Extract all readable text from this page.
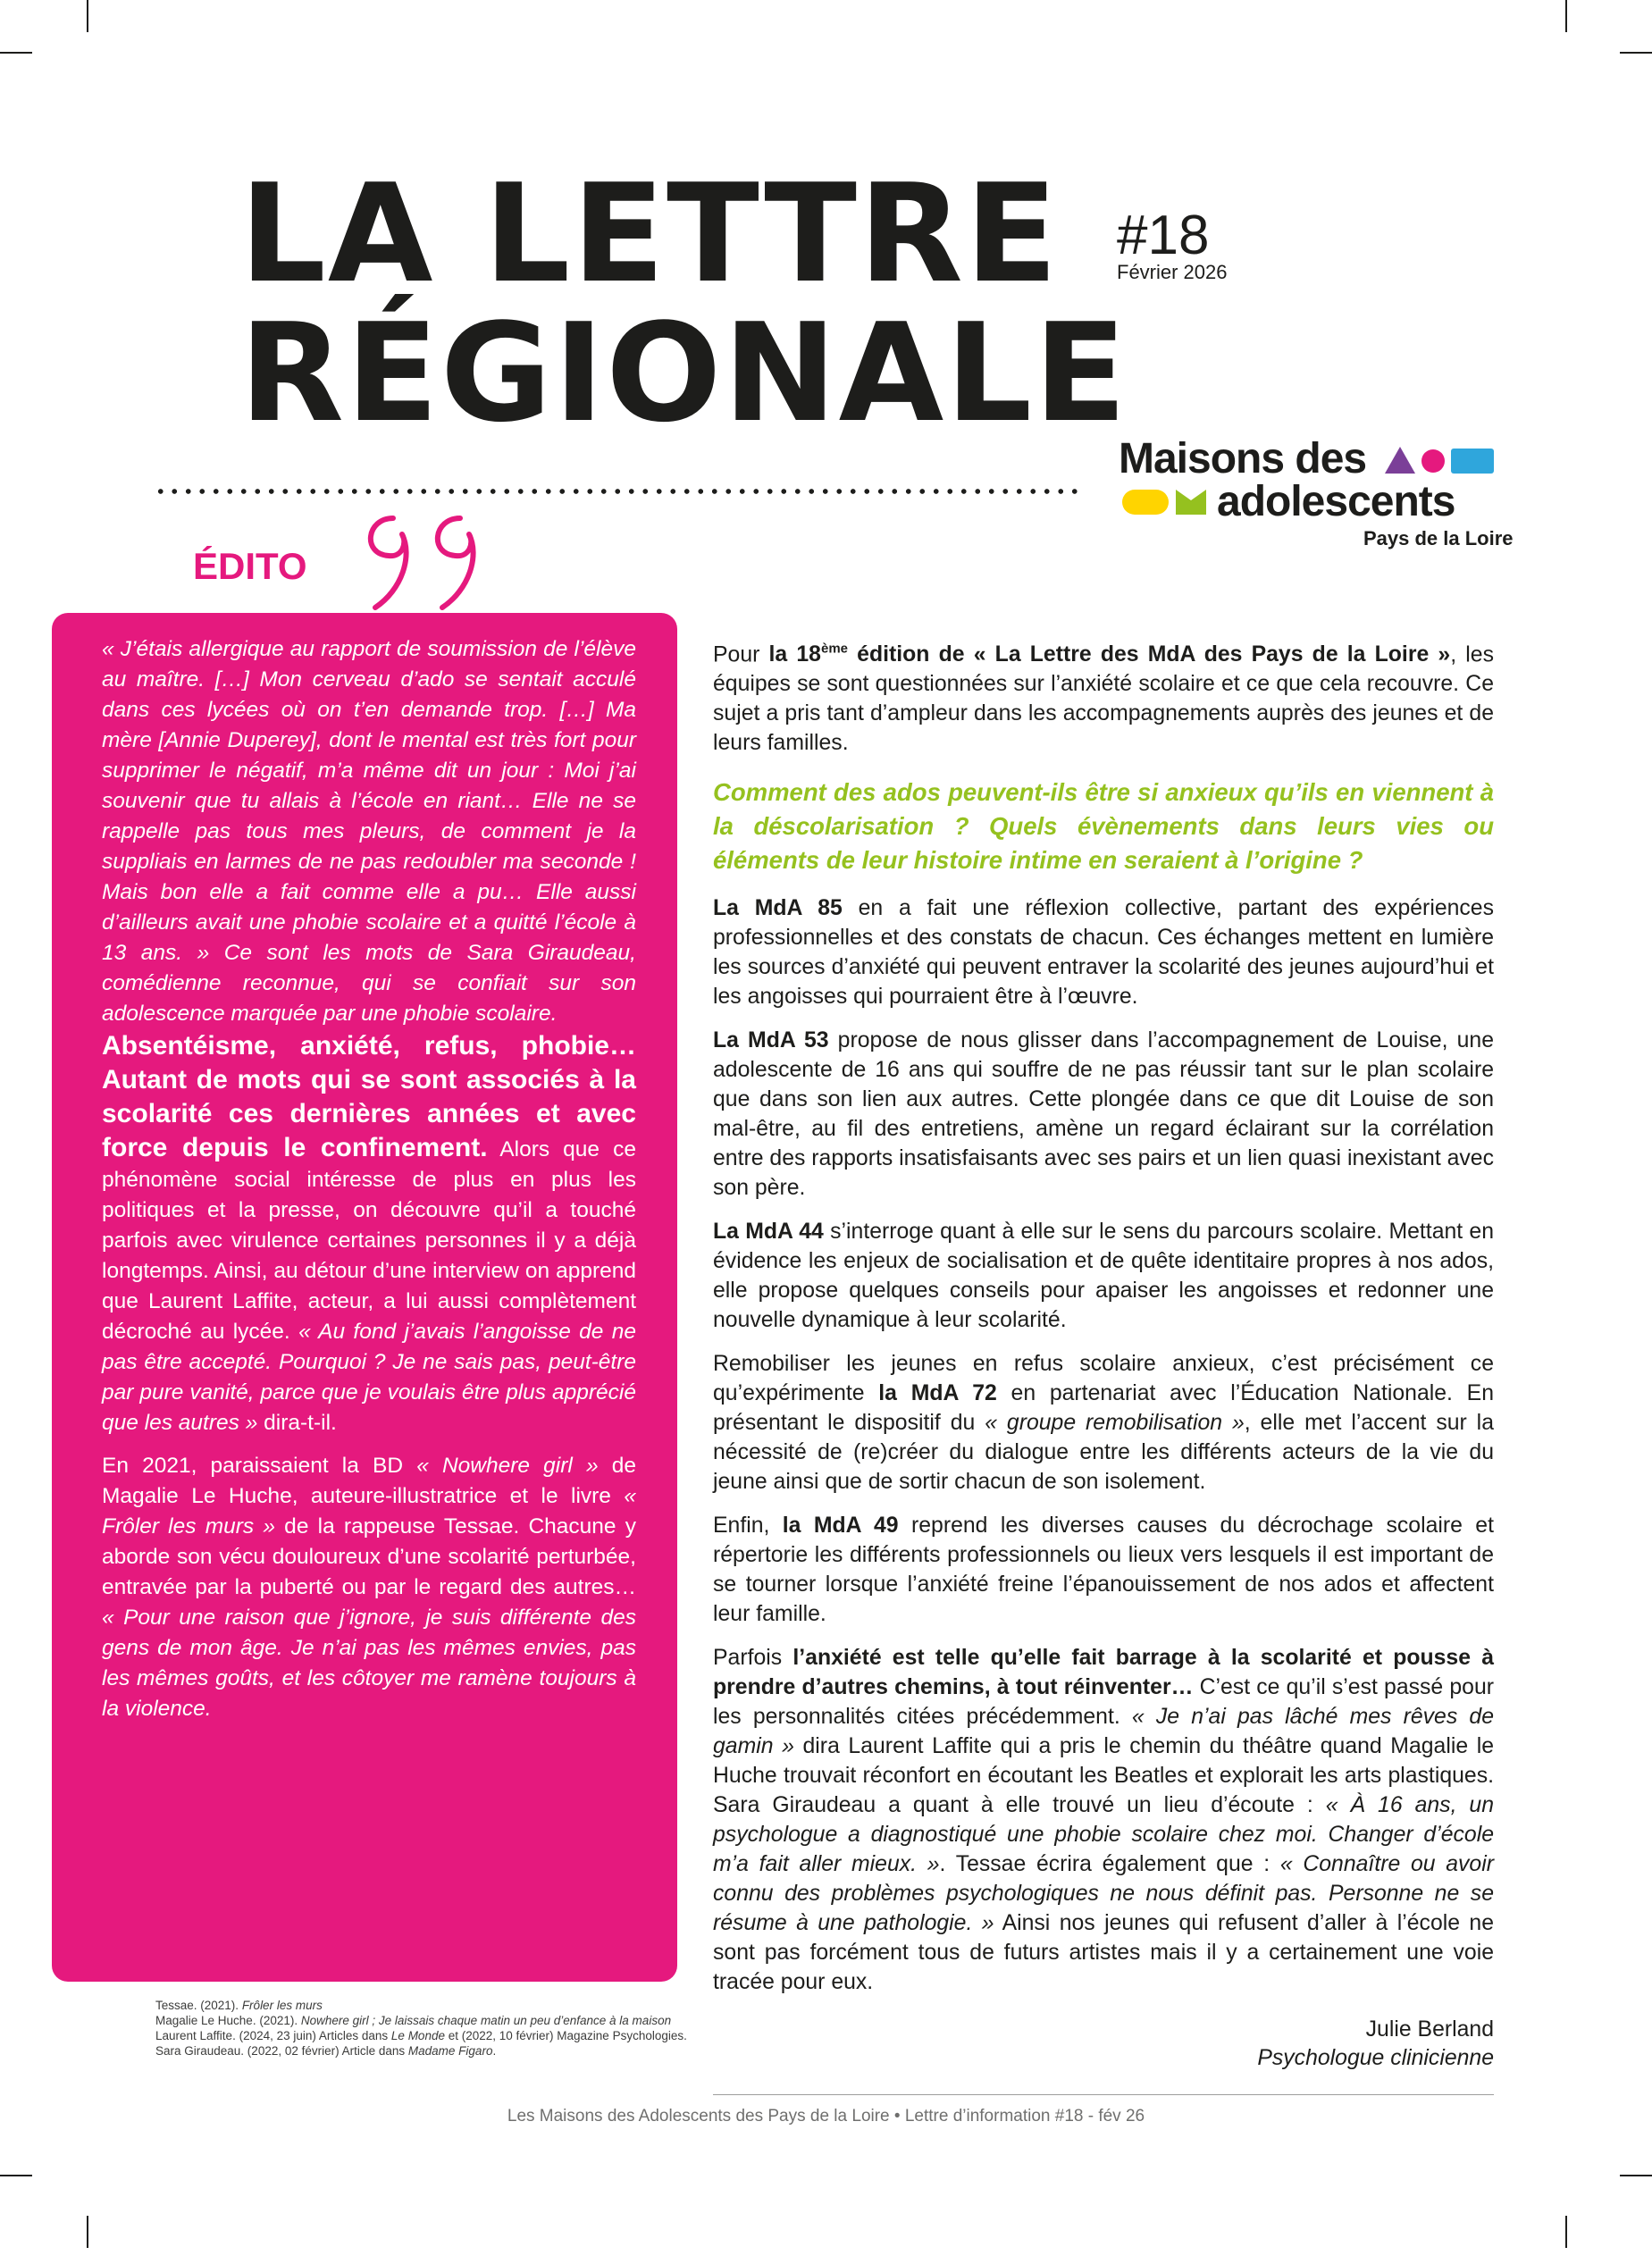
LA LETTRE
RÉGIONALE
#18
Février 2026
Maisons des
adolescents
Pays de la Loire
ÉDITO

« J’étais allergique au rapport de soumission de l’élève au maître. […] Mon cerveau d’ado se sentait acculé dans ces lycées où on t’en demande trop. […] Ma mère [Annie Duperey], dont le mental est très fort pour supprimer le négatif, m’a même dit un jour : Moi j’ai souvenir que tu allais à l’école en riant… Elle ne se rappelle pas tous mes pleurs, de comment je la suppliais en larmes de ne pas redoubler ma seconde ! Mais bon elle a fait comme elle a pu… Elle aussi d’ailleurs avait une phobie scolaire et a quitté l’école à 13 ans. » Ce sont les mots de Sara Giraudeau, comédienne reconnue, qui se confiait sur son adolescence marquée par une phobie scolaire.

Absentéisme, anxiété, refus, phobie… Autant de mots qui se sont associés à la scolarité ces dernières années et avec force depuis le confinement. Alors que ce phénomène social intéresse de plus en plus les politiques et la presse, on découvre qu’il a touché parfois avec virulence certaines personnes il y a déjà longtemps. Ainsi, au détour d’une interview on apprend que Laurent Laffite, acteur, a lui aussi complètement décroché au lycée. « Au fond j’avais l’angoisse de ne pas être accepté. Pourquoi ? Je ne sais pas, peut-être par pure vanité, parce que je voulais être plus apprécié que les autres » dira-t-il.

En 2021, paraissaient la BD « Nowhere girl » de Magalie Le Huche, auteure-illustratrice et le livre « Frôler les murs » de la rappeuse Tessae. Chacune y aborde son vécu douloureux d’une scolarité perturbée, entravée par la puberté ou par le regard des autres… « Pour une raison que j’ignore, je suis différente des gens de mon âge. Je n’ai pas les mêmes envies, pas les mêmes goûts, et les côtoyer me ramène toujours à la violence.

Tessae. (2021). Frôler les murs
Magalie Le Huche. (2021). Nowhere girl ; Je laissais chaque matin un peu d’enfance à la maison
Laurent Laffite. (2024, 23 juin) Articles dans Le Monde et (2022, 10 février) Magazine Psychologies.
Sara Giraudeau. (2022, 02 février) Article dans Madame Figaro.

Pour la 18ème édition de « La Lettre des MdA des Pays de la Loire », les équipes se sont questionnées sur l’anxiété scolaire et ce que cela recouvre. Ce sujet a pris tant d’ampleur dans les accompagnements auprès des jeunes et de leurs familles.

Comment des ados peuvent-ils être si anxieux qu’ils en viennent à la déscolarisation ? Quels évènements dans leurs vies ou éléments de leur histoire intime en seraient à l’origine ?

La MdA 85 en a fait une réflexion collective, partant des expériences professionnelles et des constats de chacun. Ces échanges mettent en lumière les sources d’anxiété qui peuvent entraver la scolarité des jeunes aujourd’hui et les angoisses qui pourraient être à l’œuvre.

La MdA 53 propose de nous glisser dans l’accompagnement de Louise, une adolescente de 16 ans qui souffre de ne pas réussir tant sur le plan scolaire que dans son lien aux autres. Cette plongée dans ce que dit Louise de son mal-être, au fil des entretiens, amène un regard éclairant sur la corrélation entre des rapports insatisfaisants avec ses pairs et un lien quasi inexistant avec son père.

La MdA 44 s’interroge quant à elle sur le sens du parcours scolaire. Mettant en évidence les enjeux de socialisation et de quête identitaire propres à nos ados, elle propose quelques conseils pour apaiser les angoisses et redonner une nouvelle dynamique à leur scolarité.

Remobiliser les jeunes en refus scolaire anxieux, c’est précisément ce qu’expérimente la MdA 72 en partenariat avec l’Éducation Nationale. En présentant le dispositif du « groupe remobilisation », elle met l’accent sur la nécessité de (re)créer du dialogue entre les différents acteurs de la vie du jeune ainsi que de sortir chacun de son isolement.

Enfin, la MdA 49 reprend les diverses causes du décrochage scolaire et répertorie les différents professionnels ou lieux vers lesquels il est important de se tourner lorsque l’anxiété freine l’épanouissement de nos ados et affectent leur famille.

Parfois l’anxiété est telle qu’elle fait barrage à la scolarité et pousse à prendre d’autres chemins, à tout réinventer… C’est ce qu’il s’est passé pour les personnalités citées précédemment. « Je n’ai pas lâché mes rêves de gamin » dira Laurent Laffite qui a pris le chemin du théâtre quand Magalie le Huche trouvait réconfort en écoutant les Beatles et explorait les arts plastiques. Sara Giraudeau a quant à elle trouvé un lieu d’écoute : « À 16 ans, un psychologue a diagnostiqué une phobie scolaire chez moi. Changer d’école m’a fait aller mieux. ». Tessae écrira également que : « Connaître ou avoir connu des problèmes psychologiques ne nous définit pas. Personne ne se résume à une pathologie. » Ainsi nos jeunes qui refusent d’aller à l’école ne sont pas forcément tous de futurs artistes mais il y a certainement une voie tracée pour eux.

Julie Berland
Psychologue clinicienne
Les Maisons des Adolescents des Pays de la Loire • Lettre d’information #18 - fév 26
